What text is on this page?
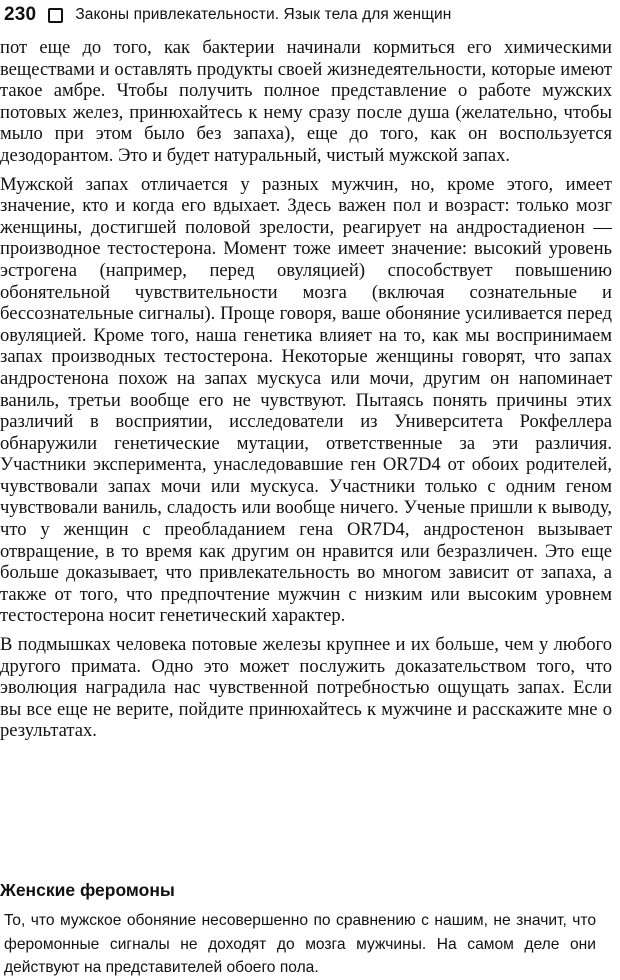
230	Законы привлекательности. Язык тела для женщин

пот еще до того, как бактерии начинали кормиться его химическими веществами и оставлять продукты своей жизнедеятельности, которые имеют такое амбре. Чтобы получить полное представление о работе мужских потовых желез, принюхайтесь к нему сразу после душа (желательно, чтобы мыло при этом было без запаха), еще до того, как он воспользуется дезодорантом. Это и будет натуральный, чистый мужской запах.

Мужской запах отличается у разных мужчин, но, кроме этого, имеет значение, кто и когда его вдыхает. Здесь важен пол и возраст: только мозг женщины, достигшей половой зрелости, реагирует на андростадиенон — производное тестостерона. Момент тоже имеет значение: высокий уровень эстрогена (например, перед овуляцией) способствует повышению обонятельной чувствительности мозга (включая сознательные и бессознательные сигналы). Проще говоря, ваше обоняние усиливается перед овуляцией. Кроме того, наша генетика влияет на то, как мы воспринимаем запах производных тестостерона. Некоторые женщины говорят, что запах андростенона похож на запах мускуса или мочи, другим он напоминает ваниль, третьи вообще его не чувствуют. Пытаясь понять причины этих различий в восприятии, исследователи из Университета Рокфеллера обнаружили генетические мутации, ответственные за эти различия. Участники эксперимента, унаследовавшие ген OR7D4 от обоих родителей, чувствовали запах мочи или мускуса. Участники только с одним геном чувствовали ваниль, сладость или вообще ничего. Ученые пришли к выводу, что у женщин с преобладанием гена OR7D4, андростенон вызывает отвращение, в то время как другим он нравится или безразличен. Это еще больше доказывает, что привлекательность во многом зависит от запаха, а также от того, что предпочтение мужчин с низким или высоким уровнем тестостерона носит генетический характер.

В подмышках человека потовые железы крупнее и их больше, чем у любого другого примата. Одно это может послужить доказательством того, что эволюция наградила нас чувственной потребностью ощущать запах. Если вы все еще не верите, пойдите принюхайтесь к мужчине и расскажите мне о результатах.

Женские феромоны
То, что мужское обоняние несовершенно по сравнению с нашим, не значит, что феромонные сигналы не доходят до мозга мужчины. На самом деле они действуют на представителей обоего пола.
